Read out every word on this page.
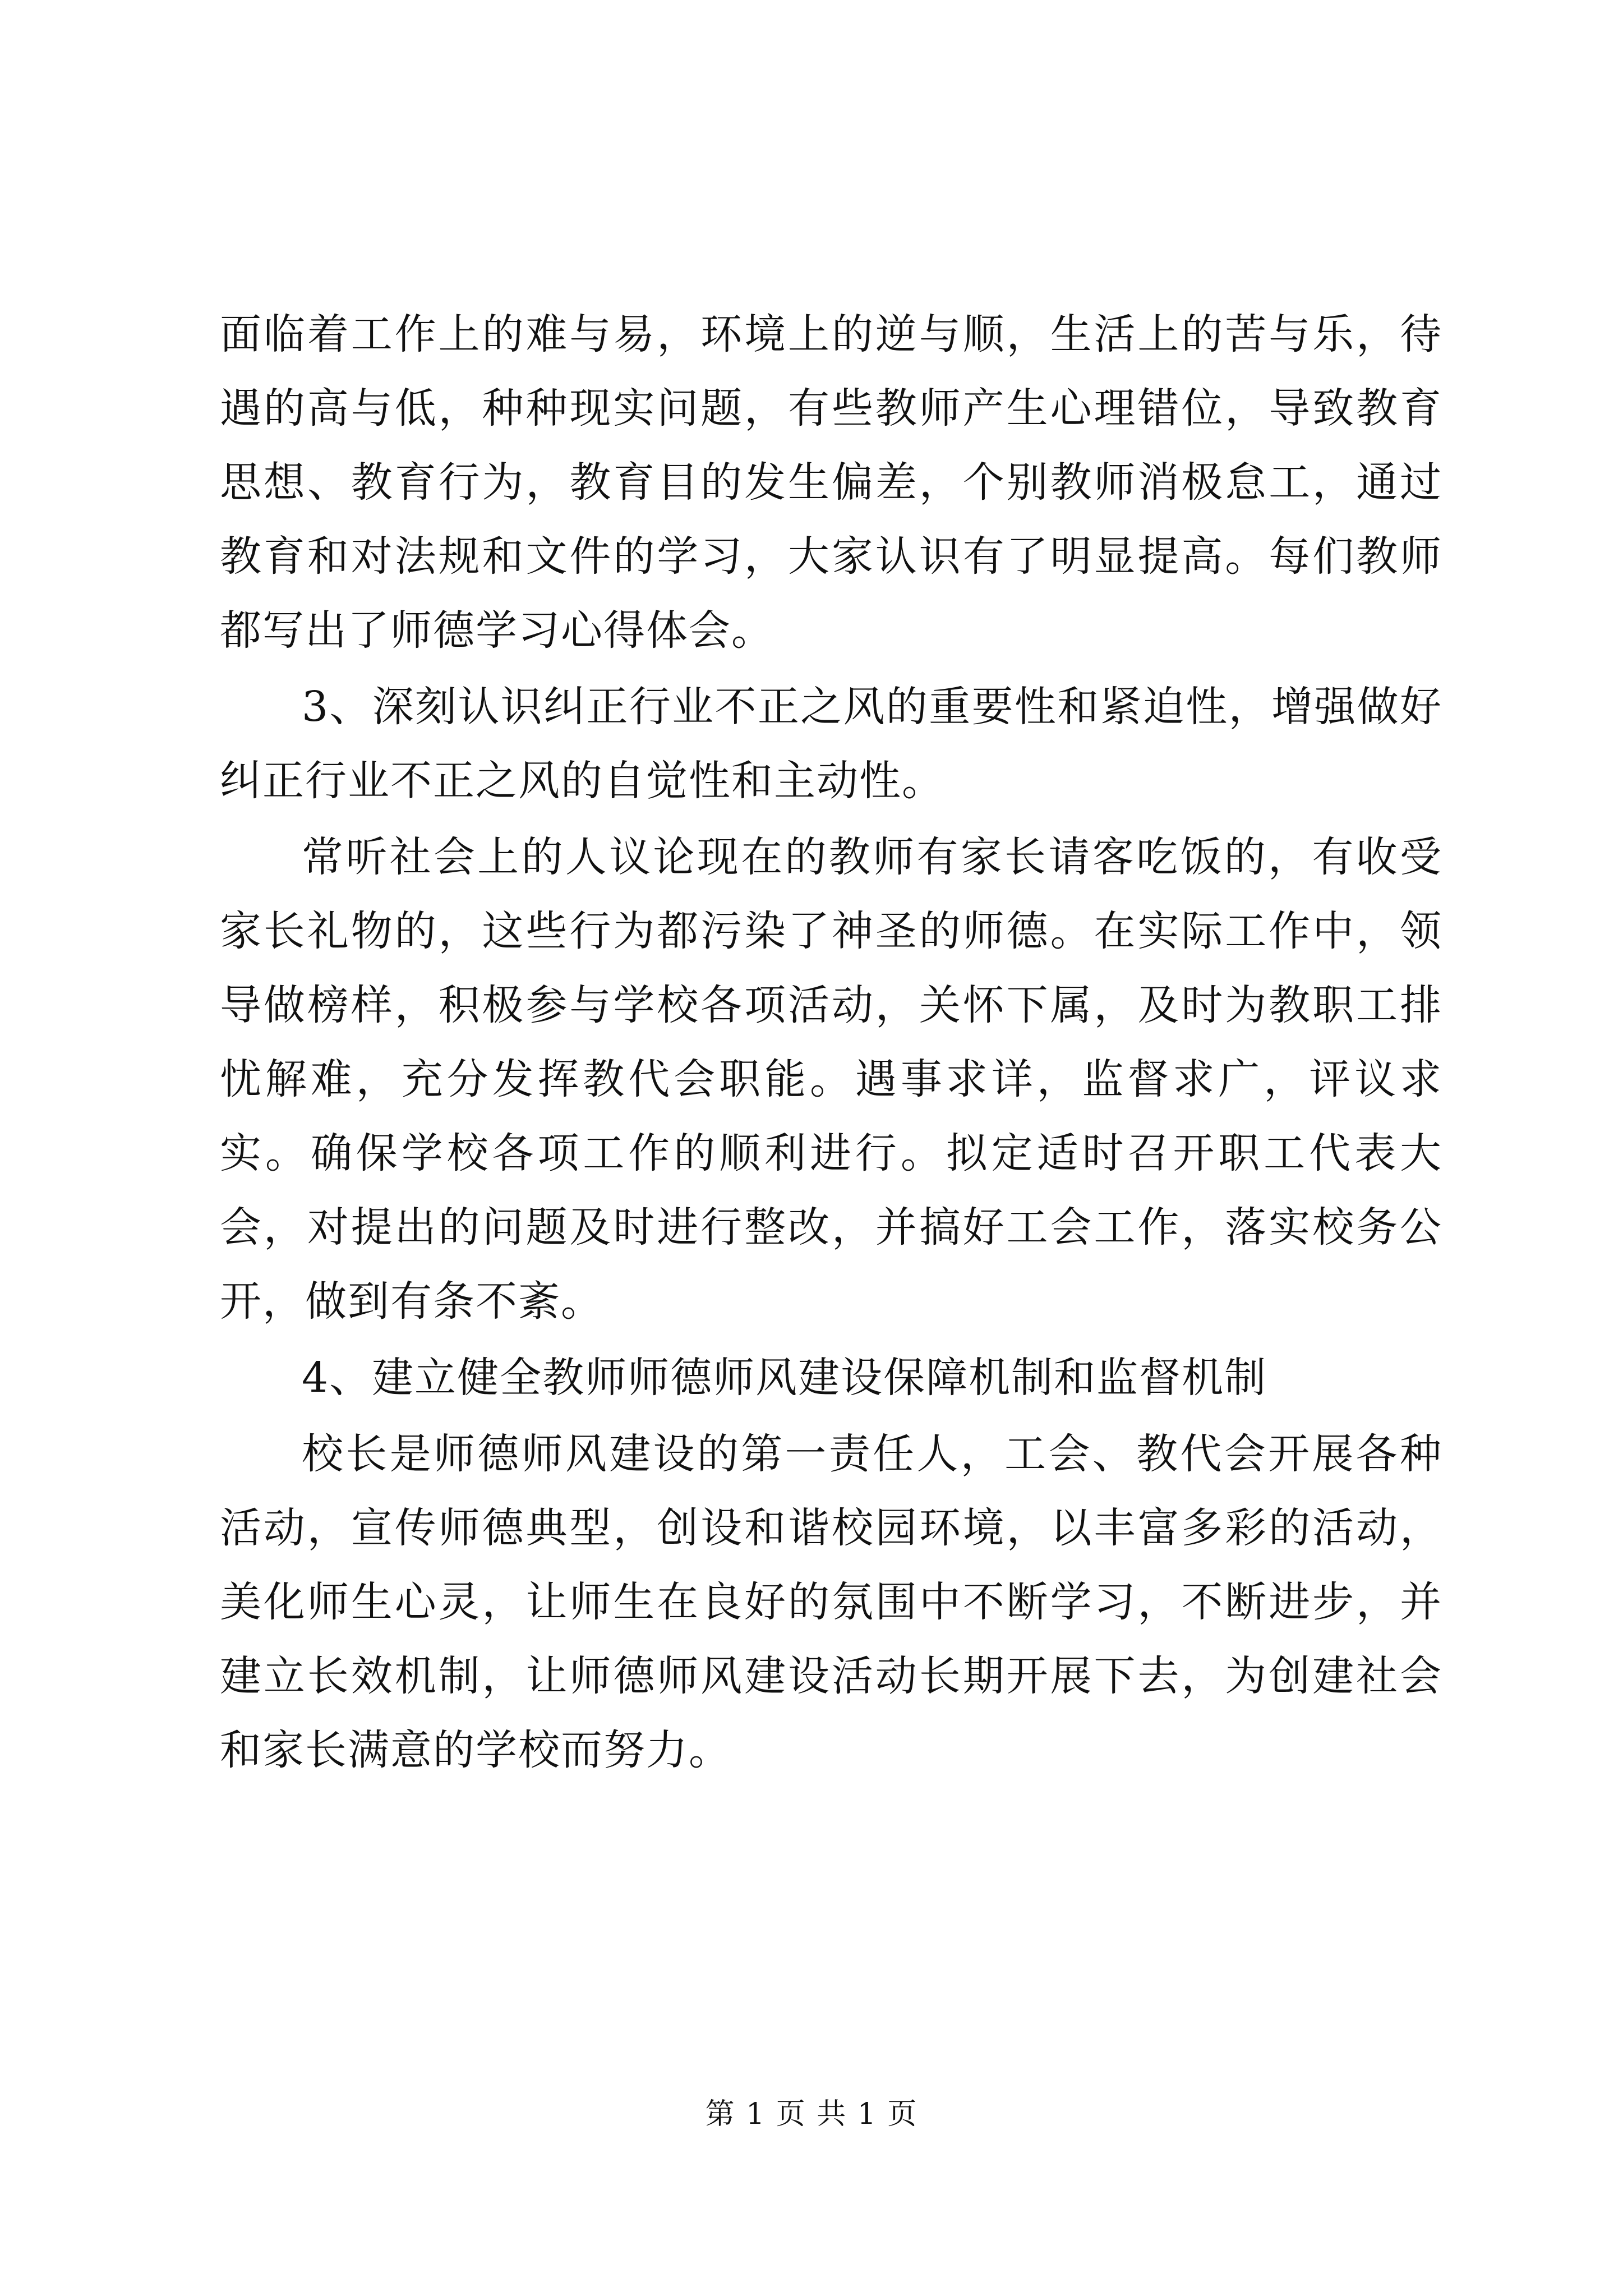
面临着工作上的难与易，环境上的逆与顺，生活上的苦与乐，待遇的高与低，种种现实问题，有些教师产生心理错位，导致教育思想、教育行为，教育目的发生偏差，个别教师消极怠工，通过教育和对法规和文件的学习，大家认识有了明显提高。每们教师都写出了师德学习心得体会。

3、深刻认识纠正行业不正之风的重要性和紧迫性，增强做好纠正行业不正之风的自觉性和主动性。

常听社会上的人议论现在的教师有家长请客吃饭的，有收受家长礼物的，这些行为都污染了神圣的师德。在实际工作中，领导做榜样，积极参与学校各项活动，关怀下属，及时为教职工排忧解难，充分发挥教代会职能。遇事求详，监督求广，评议求实。确保学校各项工作的顺利进行。拟定适时召开职工代表大会，对提出的问题及时进行整改，并搞好工会工作，落实校务公开，做到有条不紊。

4、建立健全教师师德师风建设保障机制和监督机制

校长是师德师风建设的第一责任人，工会、教代会开展各种活动，宣传师德典型，创设和谐校园环境，以丰富多彩的活动，美化师生心灵，让师生在良好的氛围中不断学习，不断进步，并建立长效机制，让师德师风建设活动长期开展下去，为创建社会和家长满意的学校而努力。

第 1 页 共 1 页
